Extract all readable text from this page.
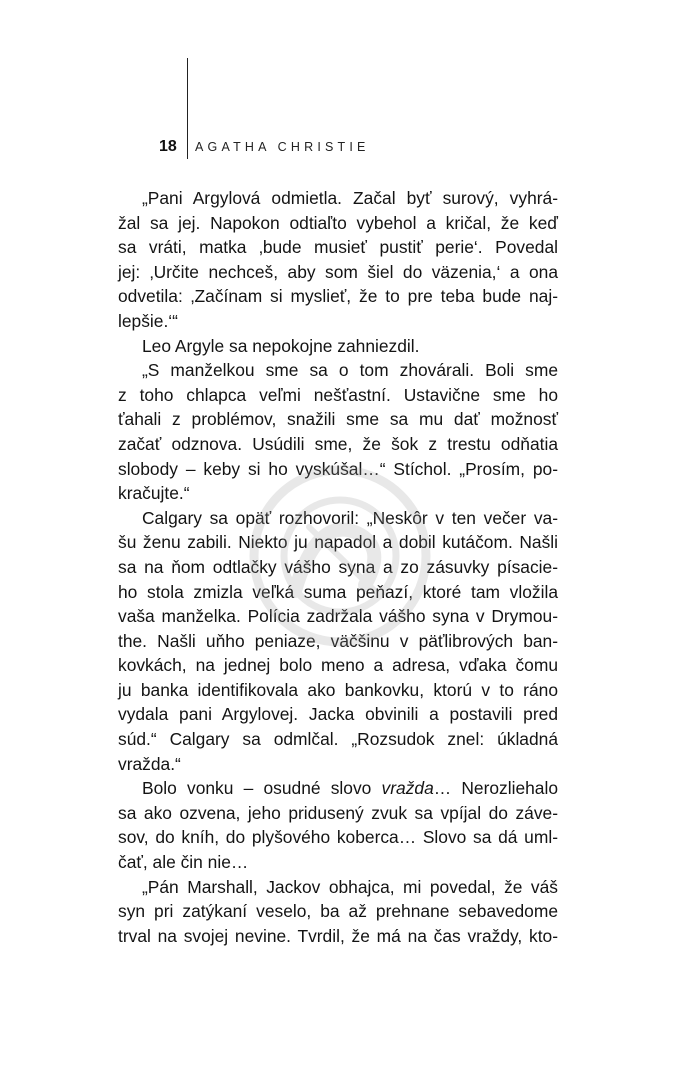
18	AGATHA CHRISTIE
„Pani Argylová odmietla. Začal byť surový, vyhrá-
žal sa jej. Napokon odtiaľto vybehol a kričal, že keď
sa vráti, matka ‚bude musieť pustiť perie‘. Povedal
jej: ‚Určite nechceš, aby som šiel do väzenia,‘ a ona
odvetila: ‚Začínam si myslieť, že to pre teba bude naj-
lepšie.‘“
Leo Argyle sa nepokojne zahniezdil.
„S manželkou sme sa o tom zhovárali. Boli sme
z toho chlapca veľmi nešťastní. Ustavične sme ho
ťahali z problémov, snažili sme sa mu dať možnosť
začať odznova. Usúdili sme, že šok z trestu odňatia
slobody – keby si ho vyskúšal…“ Stíchol. „Prosím, po-
kračujte.“
Calgary sa opäť rozhovoril: „Neskôr v ten večer va-
šu ženu zabili. Niekto ju napadol a dobil kutáčom. Našli
sa na ňom odtlačky vášho syna a zo zásuvky písacie-
ho stola zmizla veľká suma peňazí, ktoré tam vložila
vaša manželka. Polícia zadržala vášho syna v Drymou-
the. Našli uňho peniaze, väčšinu v päťlibrových ban-
kovkách, na jednej bolo meno a adresa, vďaka čomu
ju banka identifikovala ako bankovku, ktorú v to ráno
vydala pani Argylovej. Jacka obvinili a postavili pred
súd.“ Calgary sa odmlčal. „Rozsudok znel: úkladná
vražda.“
Bolo vonku – osudné slovo vražda… Nerozliehalo
sa ako ozvena, jeho pridusený zvuk sa vpíjal do záve-
sov, do kníh, do plyšového koberca… Slovo sa dá uml-
čať, ale čin nie…
„Pán Marshall, Jackov obhajca, mi povedal, že váš
syn pri zatýkaní veselo, ba až prehnane sebavedome
trval na svojej nevine. Tvrdil, že má na čas vraždy, kto-
